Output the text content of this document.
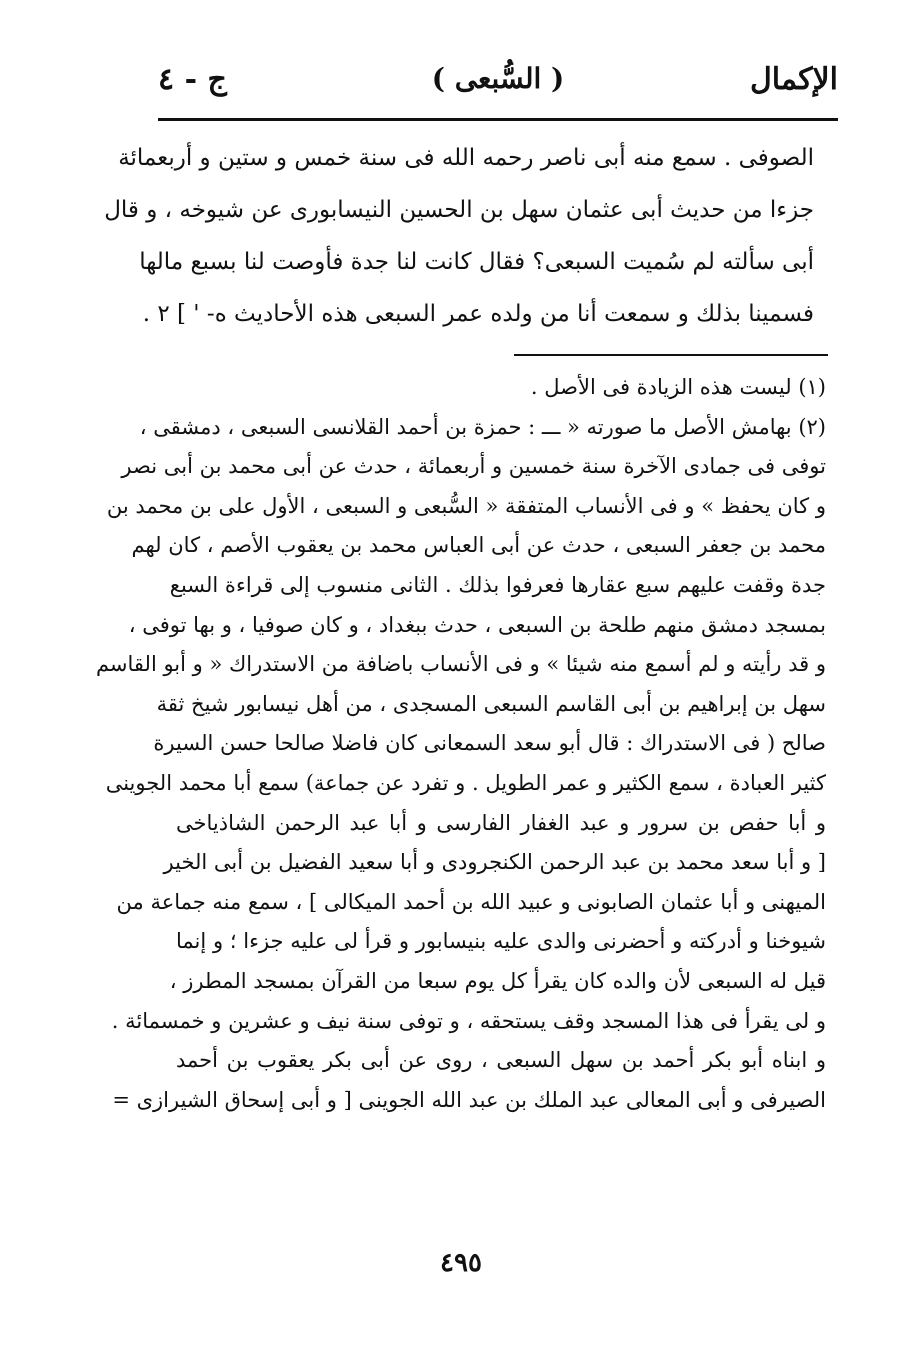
الإكمال
( السُّبعى )
ج - ٤
الصوفى . سمع منه أبى ناصر رحمه الله فى سنة خمس و ستين و أربعمائة
جزءا من حديث أبى عثمان سهل بن الحسين النيسابورى عن شيوخه ، و قال
أبى سألته لم سُميت السبعى؟ فقال كانت لنا جدة فأوصت لنا بسبع مالها
فسمينا بذلك و سمعت أنا من ولده عمر السبعى هذه الأحاديث ه- ' ] ٢ .
(١) ليست هذه الزيادة فى الأصل .
(٢) بهامش الأصل ما صورته « ـــ : حمزة بن أحمد القلانسى السبعى ، دمشقى ،
توفى فى جمادى الآخرة سنة خمسين و أربعمائة ، حدث عن أبى محمد بن أبى نصر
و كان يحفظ » و فى الأنساب المتفقة « السُّبعى و السبعى ، الأول على بن محمد بن
محمد بن جعفر السبعى ، حدث عن أبى العباس محمد بن يعقوب الأصم ، كان لهم
جدة وقفت عليهم سبع عقارها فعرفوا بذلك . الثانى منسوب إلى قراءة السبع
بمسجد دمشق منهم طلحة بن السبعى ، حدث ببغداد ، و كان صوفيا ، و بها توفى ،
و قد رأيته و لم أسمع منه شيئا » و فى الأنساب باضافة من الاستدراك « و أبو القاسم
سهل بن إبراهيم بن أبى القاسم السبعى المسجدى ، من أهل نيسابور شيخ ثقة
صالح ( فى الاستدراك : قال أبو سعد السمعانى كان فاضلا صالحا حسن السيرة
كثير العبادة ، سمع الكثير و عمر الطويل . و تفرد عن جماعة) سمع أبا محمد الجوينى
و أبا حفص بن سرور و عبد الغفار الفارسى و أبا عبد الرحمن الشاذياخى
[ و أبا سعد محمد بن عبد الرحمن الكنجرودى و أبا سعيد الفضيل بن أبى الخير
الميهنى و أبا عثمان الصابونى و عبيد الله بن أحمد الميكالى ] ، سمع منه جماعة من
شيوخنا و أدركته و أحضرنى والدى عليه بنيسابور و قرأ لى عليه جزءا ؛ و إنما
قيل له السبعى لأن والده كان يقرأ كل يوم سبعا من القرآن بمسجد المطرز ،
و لى يقرأ فى هذا المسجد وقف يستحقه ، و توفى سنة نيف و عشرين و خمسمائة .
و ابناه أبو بكر أحمد بن سهل السبعى ، روى عن أبى بكر يعقوب بن أحمد
الصيرفى و أبى المعالى عبد الملك بن عبد الله الجوينى [ و أبى إسحاق الشيرازى =
٤٩٥
